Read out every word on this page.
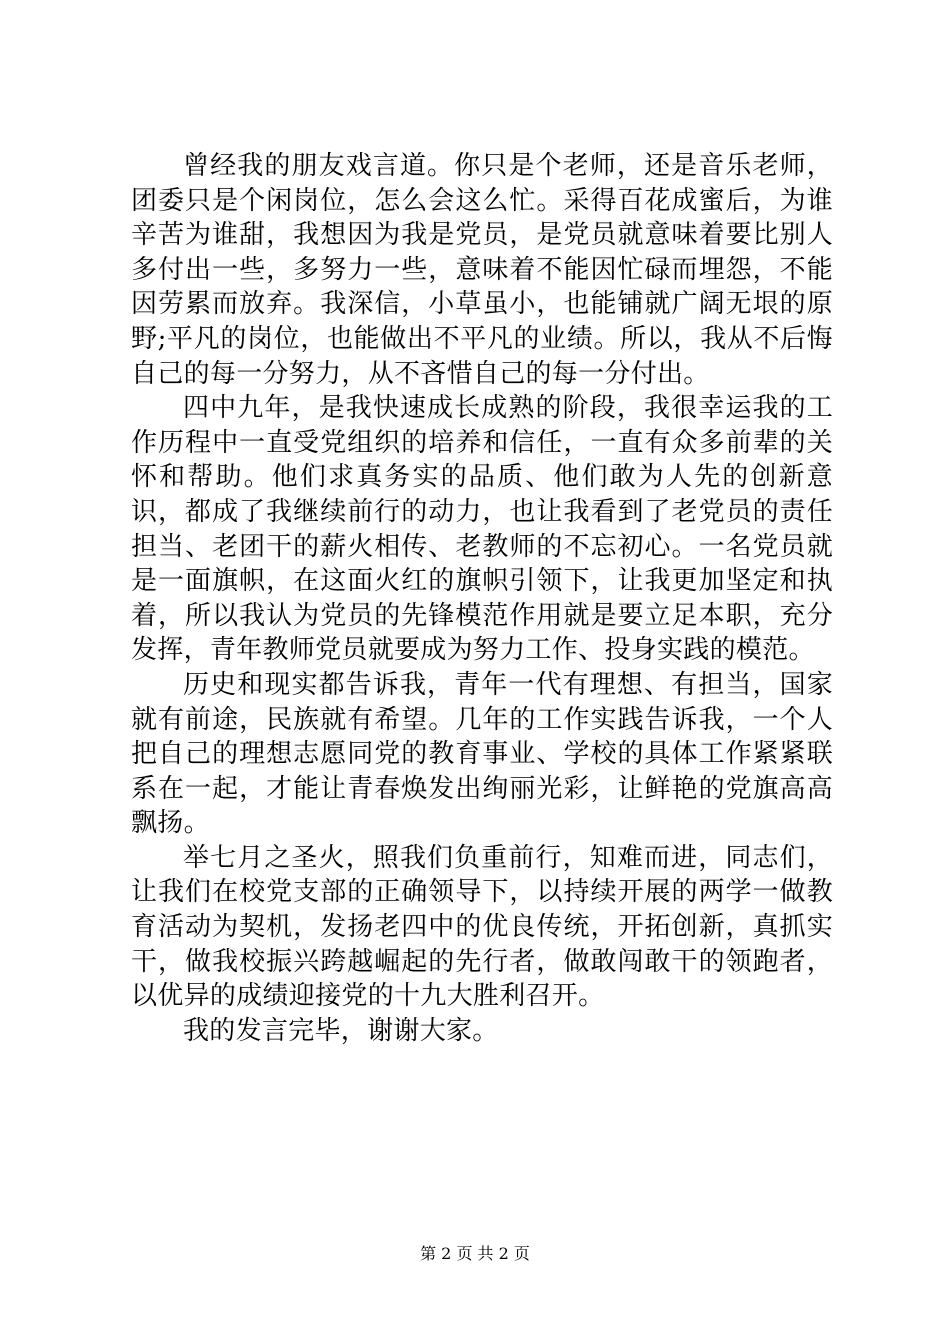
曾经我的朋友戏言道。你只是个老师，还是音乐老师，团委只是个闲岗位，怎么会这么忙。采得百花成蜜后，为谁辛苦为谁甜，我想因为我是党员，是党员就意味着要比别人多付出一些，多努力一些，意味着不能因忙碌而埋怨，不能因劳累而放弃。我深信，小草虽小，也能铺就广阔无垠的原野;平凡的岗位，也能做出不平凡的业绩。所以，我从不后悔自己的每一分努力，从不吝惜自己的每一分付出。

四中九年，是我快速成长成熟的阶段，我很幸运我的工作历程中一直受党组织的培养和信任，一直有众多前辈的关怀和帮助。他们求真务实的品质、他们敢为人先的创新意识，都成了我继续前行的动力，也让我看到了老党员的责任担当、老团干的薪火相传、老教师的不忘初心。一名党员就是一面旗帜，在这面火红的旗帜引领下，让我更加坚定和执着，所以我认为党员的先锋模范作用就是要立足本职，充分发挥，青年教师党员就要成为努力工作、投身实践的模范。

历史和现实都告诉我，青年一代有理想、有担当，国家就有前途，民族就有希望。几年的工作实践告诉我，一个人把自己的理想志愿同党的教育事业、学校的具体工作紧紧联系在一起，才能让青春焕发出绚丽光彩，让鲜艳的党旗高高飘扬。

举七月之圣火，照我们负重前行，知难而进，同志们，让我们在校党支部的正确领导下，以持续开展的两学一做教育活动为契机，发扬老四中的优良传统，开拓创新，真抓实干，做我校振兴跨越崛起的先行者，做敢闯敢干的领跑者，以优异的成绩迎接党的十九大胜利召开。

我的发言完毕，谢谢大家。

第 2 页 共 2 页
